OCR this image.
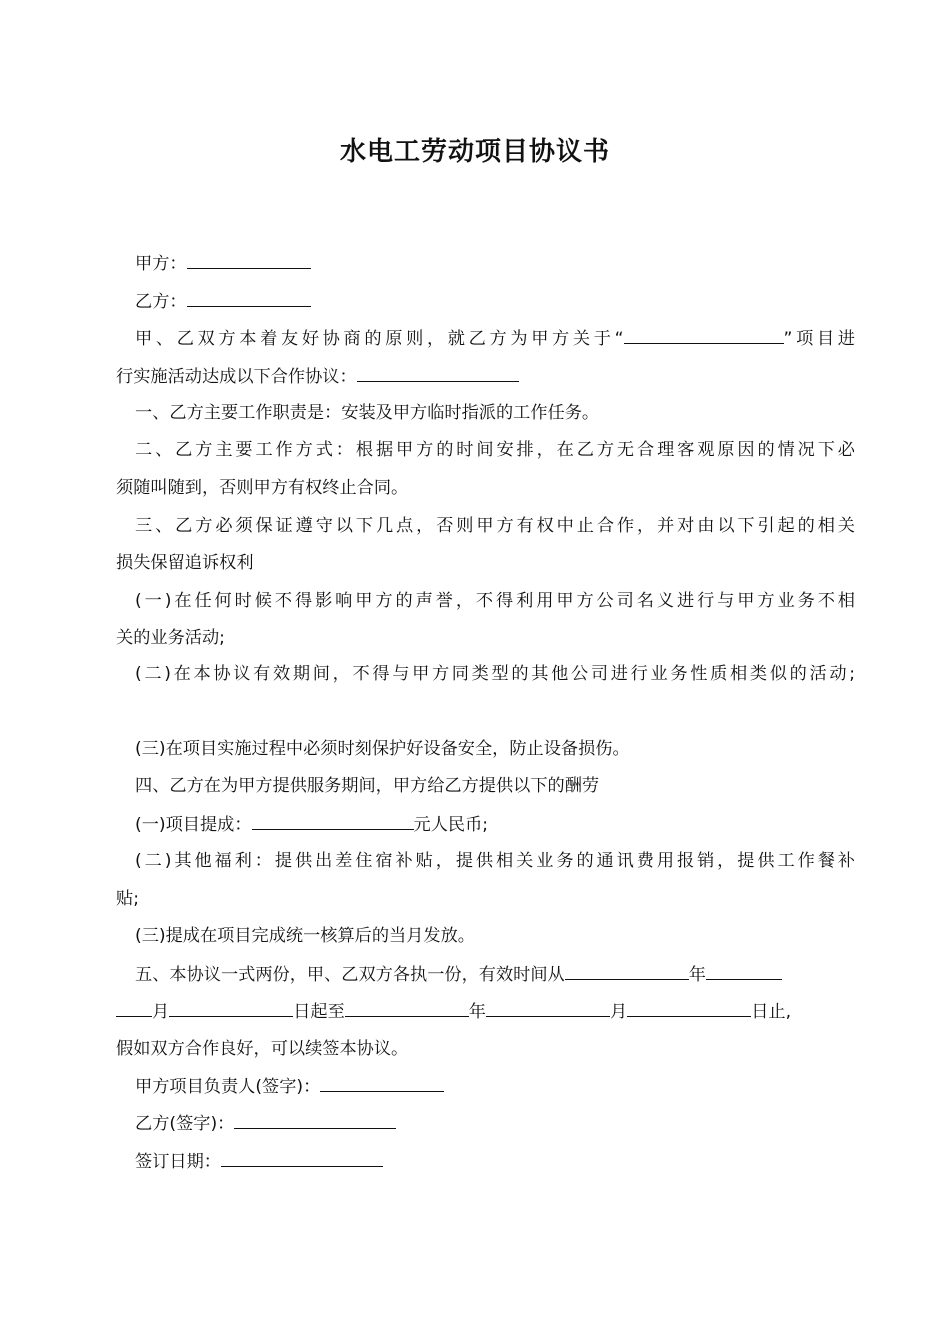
水电工劳动项目协议书
甲方：
乙方：
甲、乙双方本着友好协商的原则，就乙方为甲方关于“	”项目进
行实施活动达成以下合作协议：
一、乙方主要工作职责是：安装及甲方临时指派的工作任务。
二、乙方主要工作方式：根据甲方的时间安排，在乙方无合理客观原因的情况下必
须随叫随到，否则甲方有权终止合同。
三、乙方必须保证遵守以下几点，否则甲方有权中止合作，并对由以下引起的相关
损失保留追诉权利
(一)在任何时候不得影响甲方的声誉，不得利用甲方公司名义进行与甲方业务不相
关的业务活动;
(二)在本协议有效期间，不得与甲方同类型的其他公司进行业务性质相类似的活动;
(三)在项目实施过程中必须时刻保护好设备安全，防止设备损伤。
四、乙方在为甲方提供服务期间，甲方给乙方提供以下的酬劳
(一)项目提成：	元人民币;
(二)其他福利：提供出差住宿补贴，提供相关业务的通讯费用报销，提供工作餐补
贴;
(三)提成在项目完成统一核算后的当月发放。
五、本协议一式两份，甲、乙双方各执一份，有效时间从	年
月	日起至	年	月	日止,
假如双方合作良好，可以续签本协议。
甲方项目负责人(签字)：
乙方(签字)：
签订日期：
